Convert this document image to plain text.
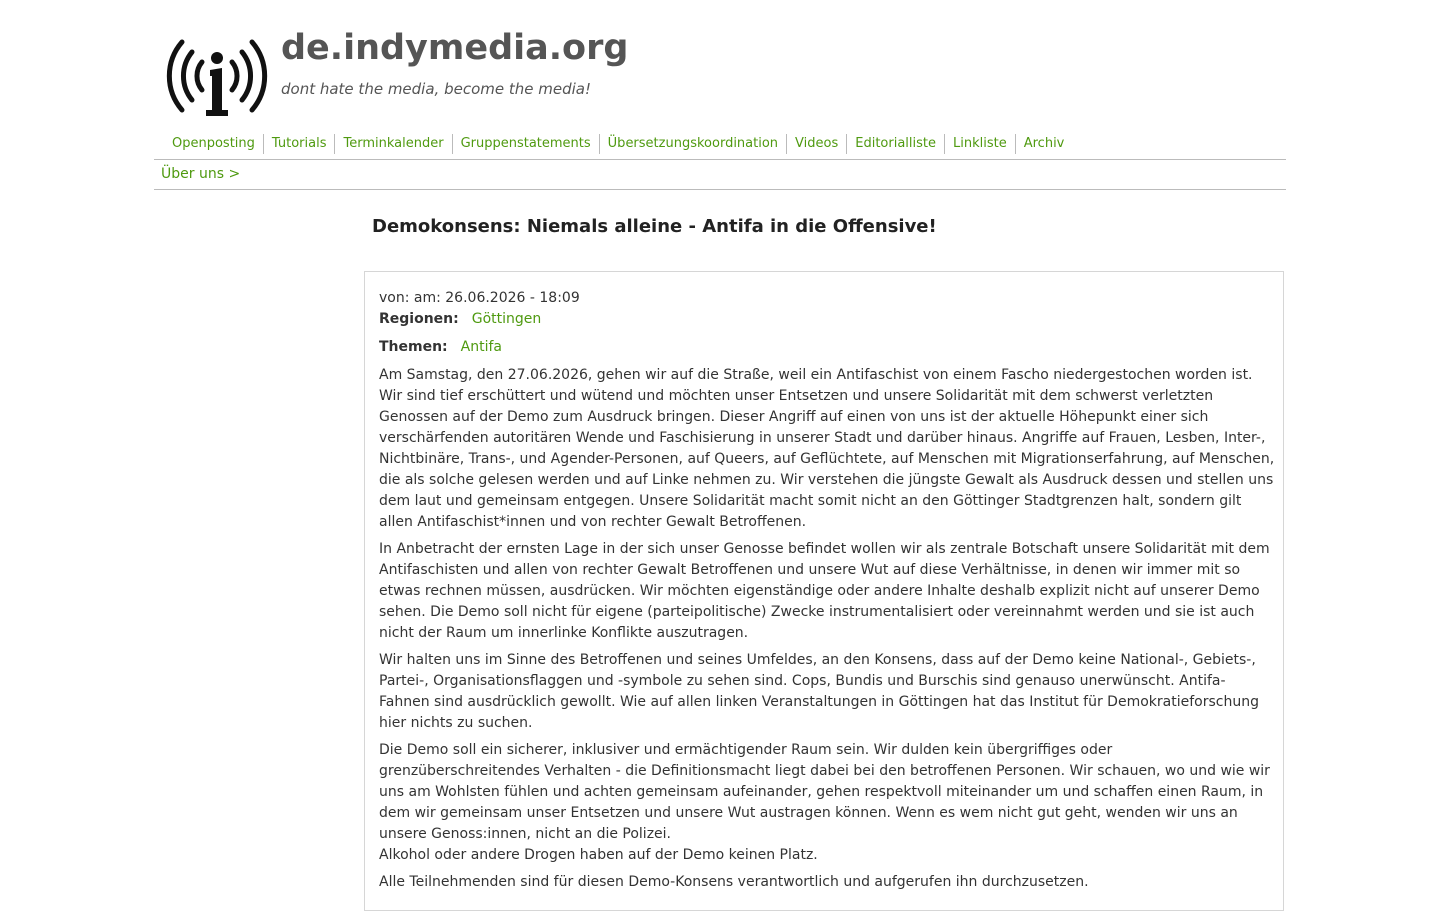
de.indymedia.org
dont hate the media, become the media!
Openposting	Tutorials	Terminkalender	Gruppenstatements	Übersetzungskoordination	Videos	Editorialliste	Linkliste	Archiv
Über uns >
Demokonsens: Niemals alleine - Antifa in die Offensive!

von: am: 26.06.2026 - 18:09

Regionen: Göttingen

Themen: Antifa

Am Samstag, den 27.06.2026, gehen wir auf die Straße, weil ein Antifaschist von einem Fascho niedergestochen worden ist. Wir sind tief erschüttert und wütend und möchten unser Entsetzen und unsere Solidarität mit dem schwerst verletzten Genossen auf der Demo zum Ausdruck bringen. Dieser Angriff auf einen von uns ist der aktuelle Höhepunkt einer sich verschärfenden autoritären Wende und Faschisierung in unserer Stadt und darüber hinaus. Angriffe auf Frauen, Lesben, Inter-, Nichtbinäre, Trans-, und Agender-Personen, auf Queers, auf Geflüchtete, auf Menschen mit Migrationserfahrung, auf Menschen, die als solche gelesen werden und auf Linke nehmen zu. Wir verstehen die jüngste Gewalt als Ausdruck dessen und stellen uns dem laut und gemeinsam entgegen. Unsere Solidarität macht somit nicht an den Göttinger Stadtgrenzen halt, sondern gilt allen Antifaschist*innen und von rechter Gewalt Betroffenen.

In Anbetracht der ernsten Lage in der sich unser Genosse befindet wollen wir als zentrale Botschaft unsere Solidarität mit dem Antifaschisten und allen von rechter Gewalt Betroffenen und unsere Wut auf diese Verhältnisse, in denen wir immer mit so etwas rechnen müssen, ausdrücken. Wir möchten eigenständige oder andere Inhalte deshalb explizit nicht auf unserer Demo sehen. Die Demo soll nicht für eigene (parteipolitische) Zwecke instrumentalisiert oder vereinnahmt werden und sie ist auch nicht der Raum um innerlinke Konflikte auszutragen.

Wir halten uns im Sinne des Betroffenen und seines Umfeldes, an den Konsens, dass auf der Demo keine National-, Gebiets-, Partei-, Organisationsflaggen und -symbole zu sehen sind. Cops, Bundis und Burschis sind genauso unerwünscht. Antifa-Fahnen sind ausdrücklich gewollt. Wie auf allen linken Veranstaltungen in Göttingen hat das Institut für Demokratieforschung hier nichts zu suchen.

Die Demo soll ein sicherer, inklusiver und ermächtigender Raum sein. Wir dulden kein übergriffiges oder grenzüberschreitendes Verhalten - die Definitionsmacht liegt dabei bei den betroffenen Personen. Wir schauen, wo und wie wir uns am Wohlsten fühlen und achten gemeinsam aufeinander, gehen respektvoll miteinander um und schaffen einen Raum, in dem wir gemeinsam unser Entsetzen und unsere Wut austragen können. Wenn es wem nicht gut geht, wenden wir uns an unsere Genoss:innen, nicht an die Polizei.

Alkohol oder andere Drogen haben auf der Demo keinen Platz.

Alle Teilnehmenden sind für diesen Demo-Konsens verantwortlich und aufgerufen ihn durchzusetzen.
